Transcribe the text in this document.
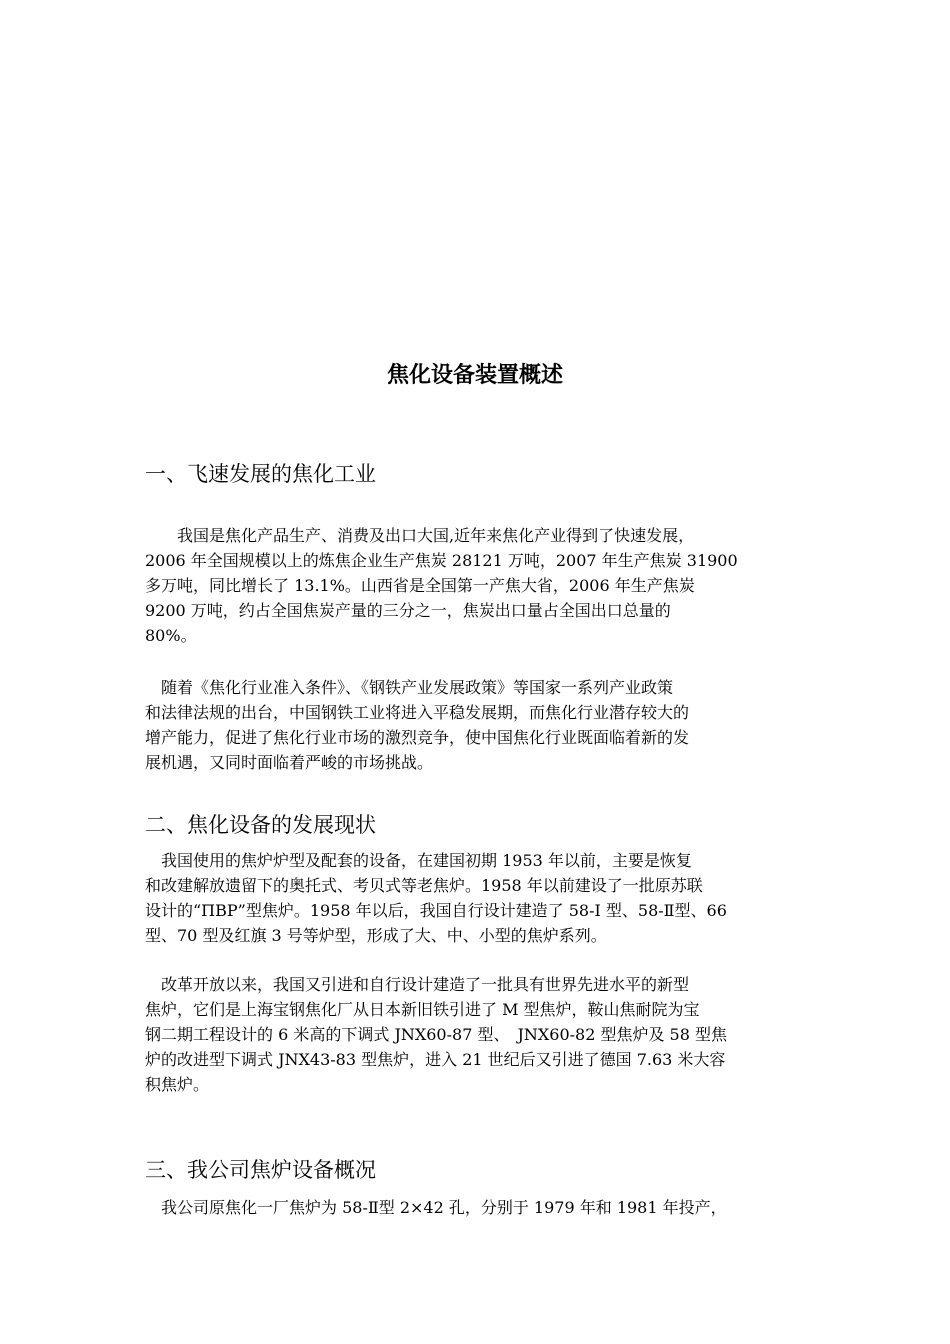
焦化设备装置概述
一、飞速发展的焦化工业

　　我国是焦化产品生产、消费及出口大国,近年来焦化产业得到了快速发展，
2006 年全国规模以上的炼焦企业生产焦炭 28121 万吨，2007 年生产焦炭 31900
多万吨，同比增长了 13.1%。山西省是全国第一产焦大省，2006 年生产焦炭
9200 万吨，约占全国焦炭产量的三分之一，焦炭出口量占全国出口总量的
80%。

　随着《焦化行业准入条件》、《钢铁产业发展政策》等国家一系列产业政策
和法律法规的出台，中国钢铁工业将进入平稳发展期，而焦化行业潜存较大的
增产能力，促进了焦化行业市场的激烈竞争，使中国焦化行业既面临着新的发
展机遇，又同时面临着严峻的市场挑战。

二、焦化设备的发展现状

　我国使用的焦炉炉型及配套的设备，在建国初期 1953 年以前，主要是恢复
和改建解放遗留下的奥托式、考贝式等老焦炉。1958 年以前建设了一批原苏联
设计的“ΠΒΡ”型焦炉。1958 年以后，我国自行设计建造了 58-I 型、58-Ⅱ型、66
型、70 型及红旗 3 号等炉型，形成了大、中、小型的焦炉系列。

　改革开放以来，我国又引进和自行设计建造了一批具有世界先进水平的新型
焦炉，它们是上海宝钢焦化厂从日本新旧铁引进了 M 型焦炉，鞍山焦耐院为宝
钢二期工程设计的 6 米高的下调式 JNX60-87 型、　JNX60-82 型焦炉及 58 型焦
炉的改进型下调式 JNX43-83 型焦炉，进入 21 世纪后又引进了德国 7.63 米大容
积焦炉。

三、我公司焦炉设备概况

　我公司原焦化一厂焦炉为 58-Ⅱ型 2×42 孔，分别于 1979 年和 1981 年投产，
